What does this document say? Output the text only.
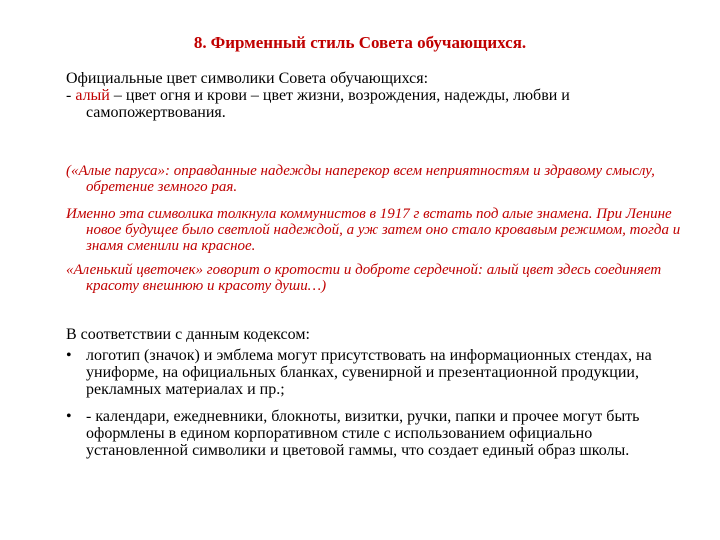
8. Фирменный стиль Совета обучающихся.
Официальные цвет символики Совета обучающихся:
- алый – цвет огня и крови – цвет жизни, возрождения, надежды, любви и самопожертвования.
(«Алые паруса»: оправданные надежды наперекор всем неприятностям и здравому смыслу, обретение земного рая.
Именно эта символика толкнула коммунистов в 1917 г встать под алые знамена. При Ленине новое будущее было светлой надеждой, а уж затем оно стало кровавым режимом, тогда и знамя сменили на красное.
«Аленький цветочек» говорит о кротости и доброте сердечной: алый цвет здесь соединяет красоту внешнюю и красоту души…)
В соответствии с данным кодексом:
• логотип (значок) и эмблема могут присутствовать на информационных стендах, на униформе, на официальных бланках, сувенирной и презентационной продукции, рекламных материалах и пр.;
• - календари, ежедневники, блокноты, визитки, ручки, папки и прочее могут быть оформлены в едином корпоративном стиле с использованием официально установленной символики и цветовой гаммы, что создает единый образ школы.
